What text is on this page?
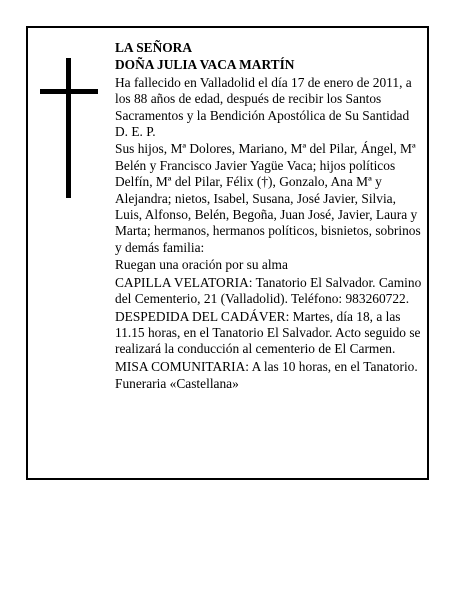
LA SEÑORA

DOÑA JULIA VACA MARTÍN

Ha fallecido en Valladolid el día 17 de enero de 2011, a los 88 años de edad, después de recibir los Santos Sacramentos y la Bendición Apostólica de Su Santidad D. E. P.

Sus hijos, Mª Dolores, Mariano, Mª del Pilar, Ángel, Mª Belén y Francisco Javier Yagüe Vaca; hijos políticos Delfín, Mª del Pilar, Félix (†), Gonzalo, Ana Mª y Alejandra; nietos, Isabel, Susana, José Javier, Silvia, Luis, Alfonso, Belén, Begoña, Juan José, Javier, Laura y Marta; hermanos, hermanos políticos, bisnietos, sobrinos y demás familia:

Ruegan una oración por su alma

CAPILLA VELATORIA: Tanatorio El Salvador. Camino del Cementerio, 21 (Valladolid). Teléfono: 983260722.

DESPEDIDA DEL CADÁVER: Martes, día 18, a las 11.15 horas, en el Tanatorio El Salvador. Acto seguido se realizará la conducción al cementerio de El Carmen.

MISA COMUNITARIA: A las 10 horas, en el Tanatorio.

Funeraria «Castellana»
